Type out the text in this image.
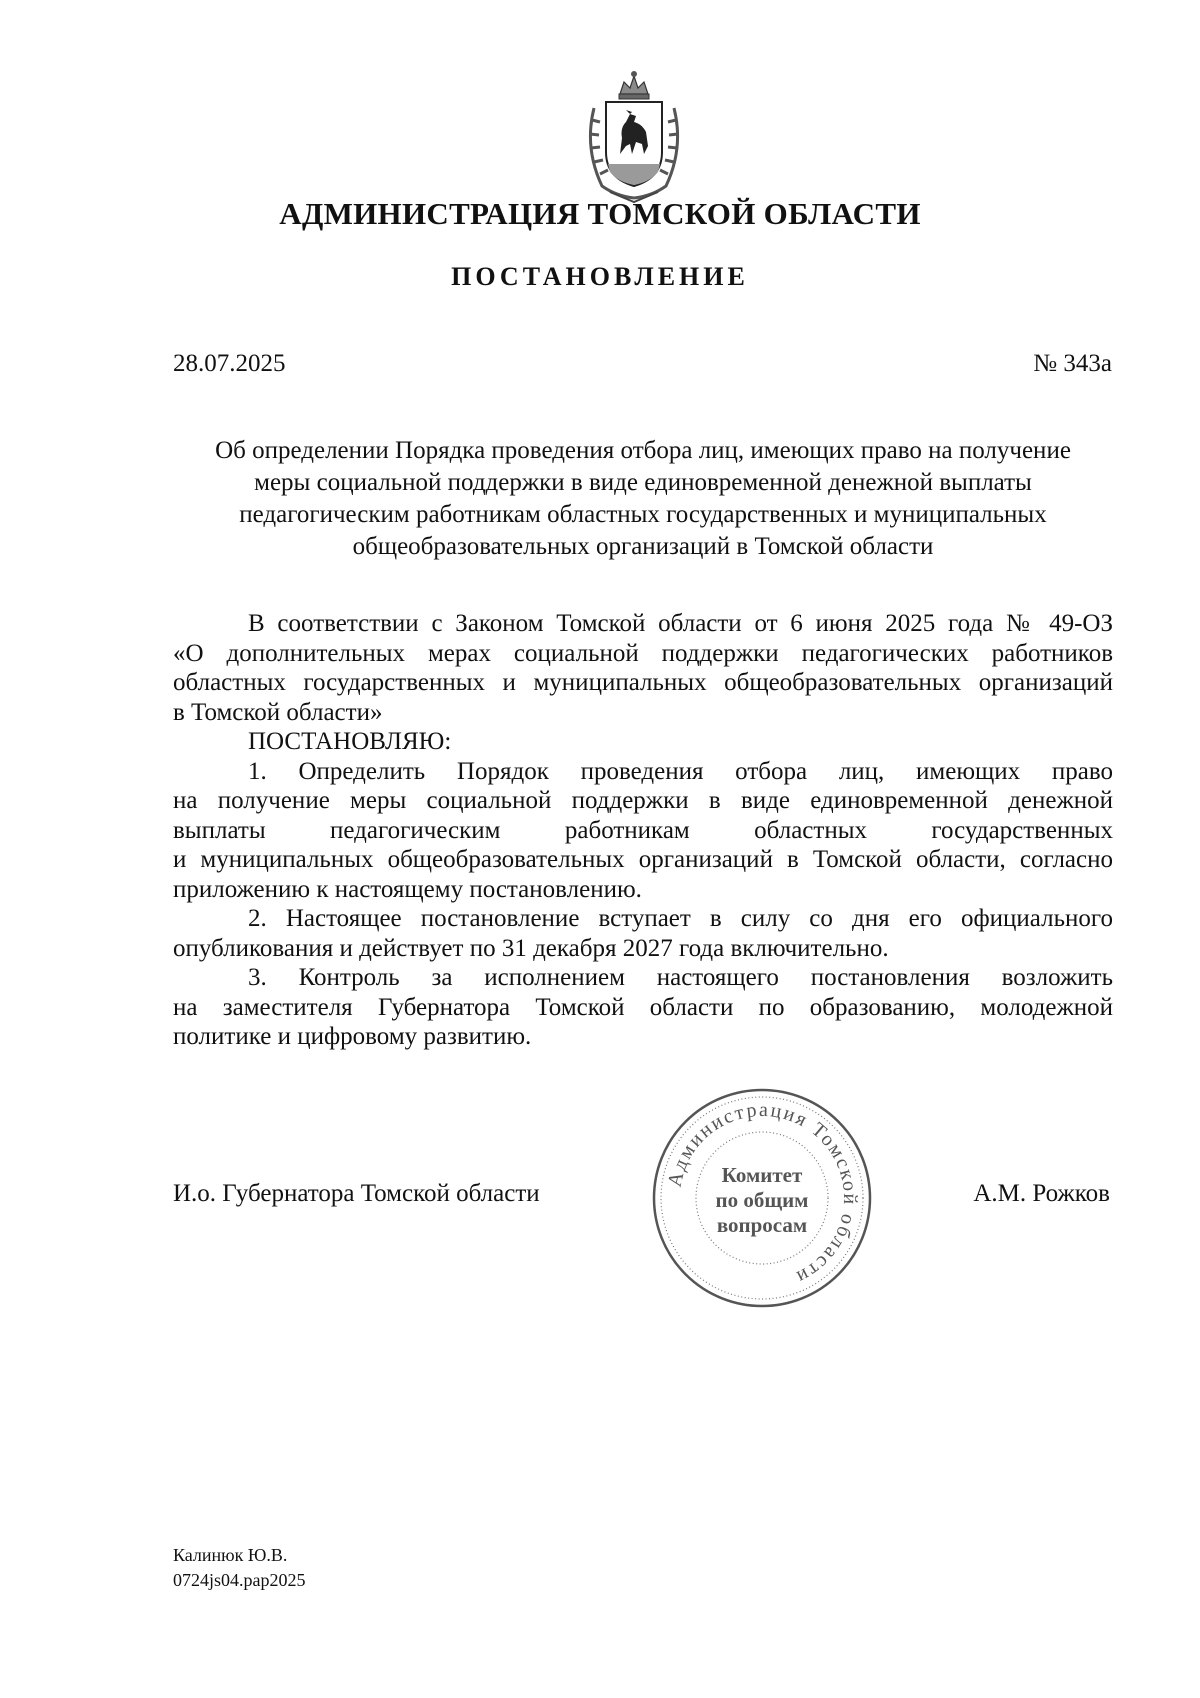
АДМИНИСТРАЦИЯ ТОМСКОЙ ОБЛАСТИ
ПОСТАНОВЛЕНИЕ
28.07.2025	№ 343а
Об определении Порядка проведения отбора лиц, имеющих право на получение
меры социальной поддержки в виде единовременной денежной выплаты
педагогическим работникам областных государственных и муниципальных
общеобразовательных организаций в Томской области
В соответствии с Законом Томской области от 6 июня 2025 года № 49-ОЗ
«О дополнительных мерах социальной поддержки педагогических работников
областных государственных и муниципальных общеобразовательных организаций
в Томской области»
ПОСТАНОВЛЯЮ:
1. Определить Порядок проведения отбора лиц, имеющих право
на получение меры социальной поддержки в виде единовременной денежной
выплаты педагогическим работникам областных государственных
и муниципальных общеобразовательных организаций в Томской области, согласно
приложению к настоящему постановлению.
2. Настоящее постановление вступает в силу со дня его официального
опубликования и действует по 31 декабря 2027 года включительно.
3. Контроль за исполнением настоящего постановления возложить
на заместителя Губернатора Томской области по образованию, молодежной
политике и цифровому развитию.
И.о. Губернатора Томской области	А.М. Рожков
Администрация Томской области
Комитет
по общим
вопросам
Калинюк Ю.В.
0724js04.pap2025
